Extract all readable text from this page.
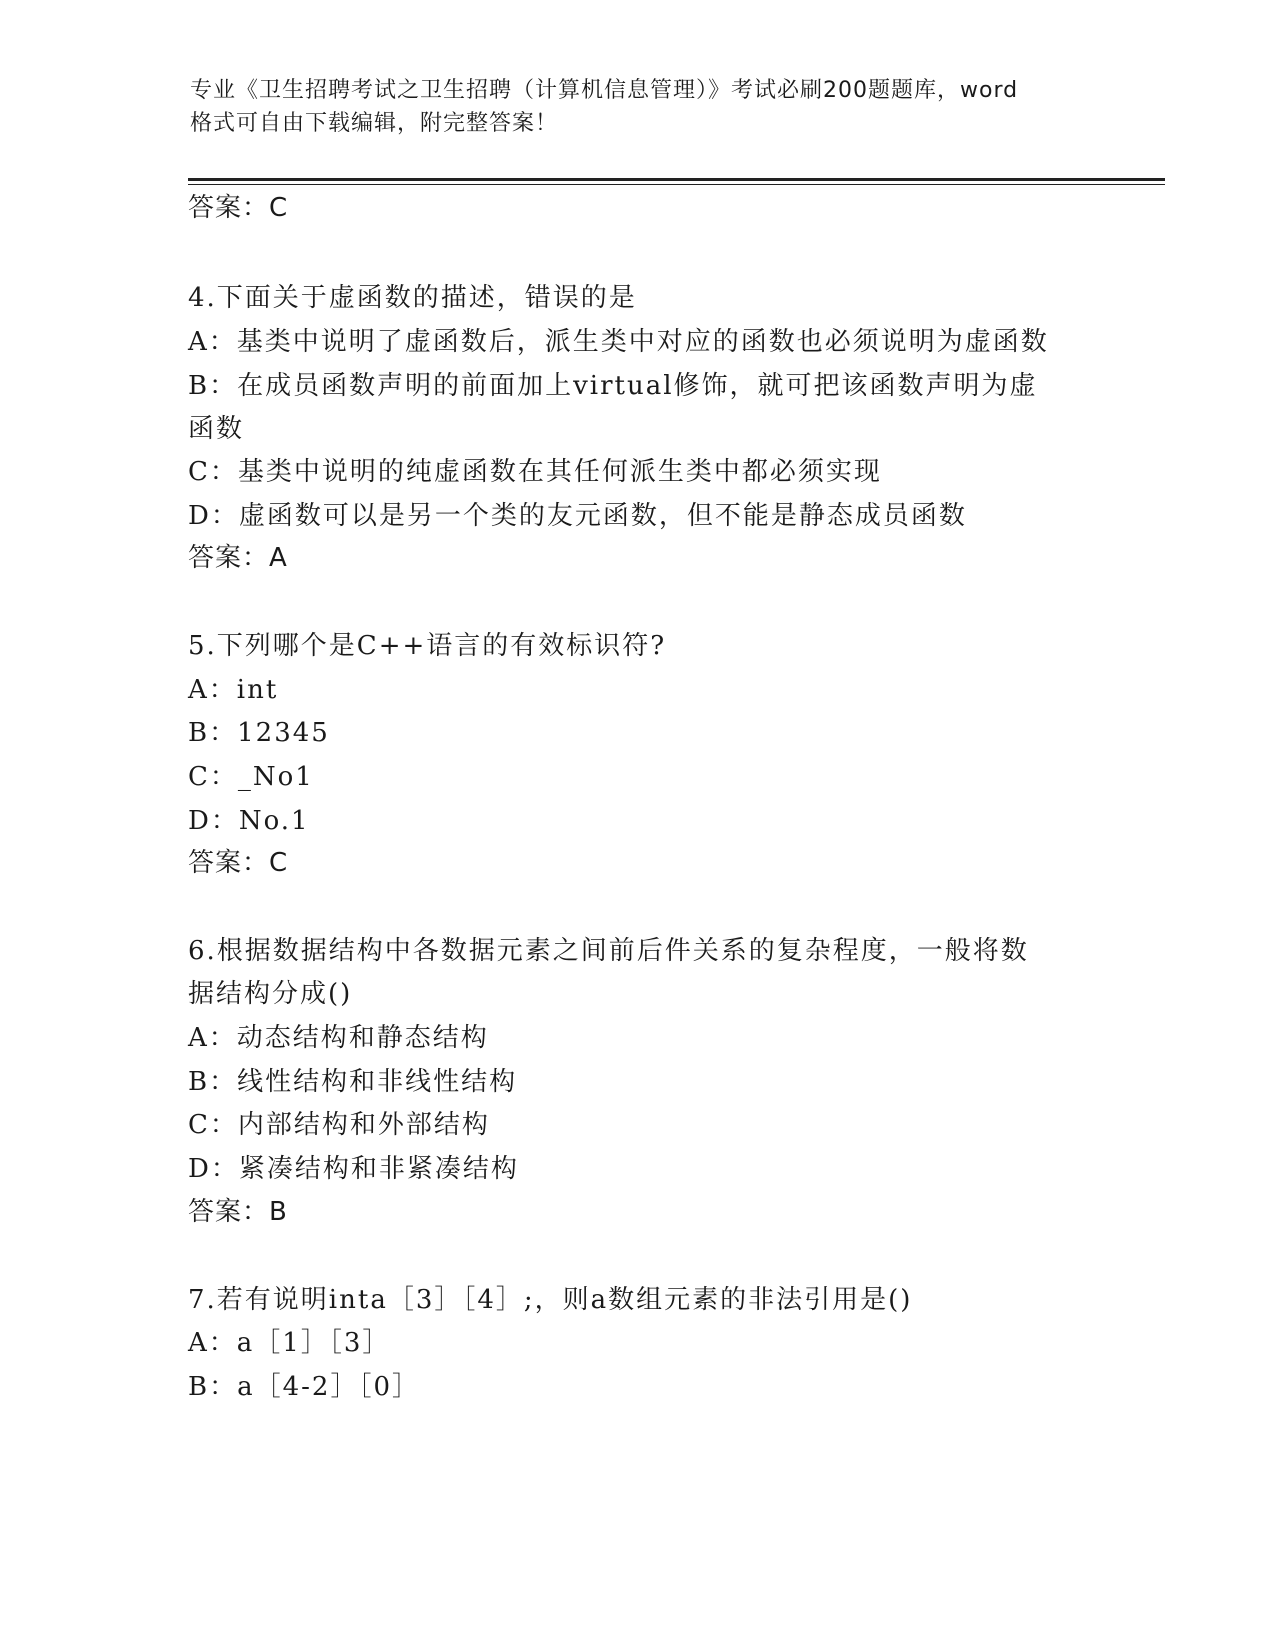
专业《卫生招聘考试之卫生招聘（计算机信息管理）》考试必刷200题题库，word
格式可自由下载编辑，附完整答案！
答案：C
4.下面关于虚函数的描述，错误的是
A：基类中说明了虚函数后，派生类中对应的函数也必须说明为虚函数
B：在成员函数声明的前面加上virtual修饰，就可把该函数声明为虚
函数
C：基类中说明的纯虚函数在其任何派生类中都必须实现
D：虚函数可以是另一个类的友元函数，但不能是静态成员函数
答案：A
5.下列哪个是C++语言的有效标识符?
A：int
B：12345
C：_No1
D：No.1
答案：C
6.根据数据结构中各数据元素之间前后件关系的复杂程度，一般将数
据结构分成()
A：动态结构和静态结构
B：线性结构和非线性结构
C：内部结构和外部结构
D：紧凑结构和非紧凑结构
答案：B
7.若有说明inta［3］［4］;，则a数组元素的非法引用是()
A：a［1］［3］
B：a［4-2］［0］
